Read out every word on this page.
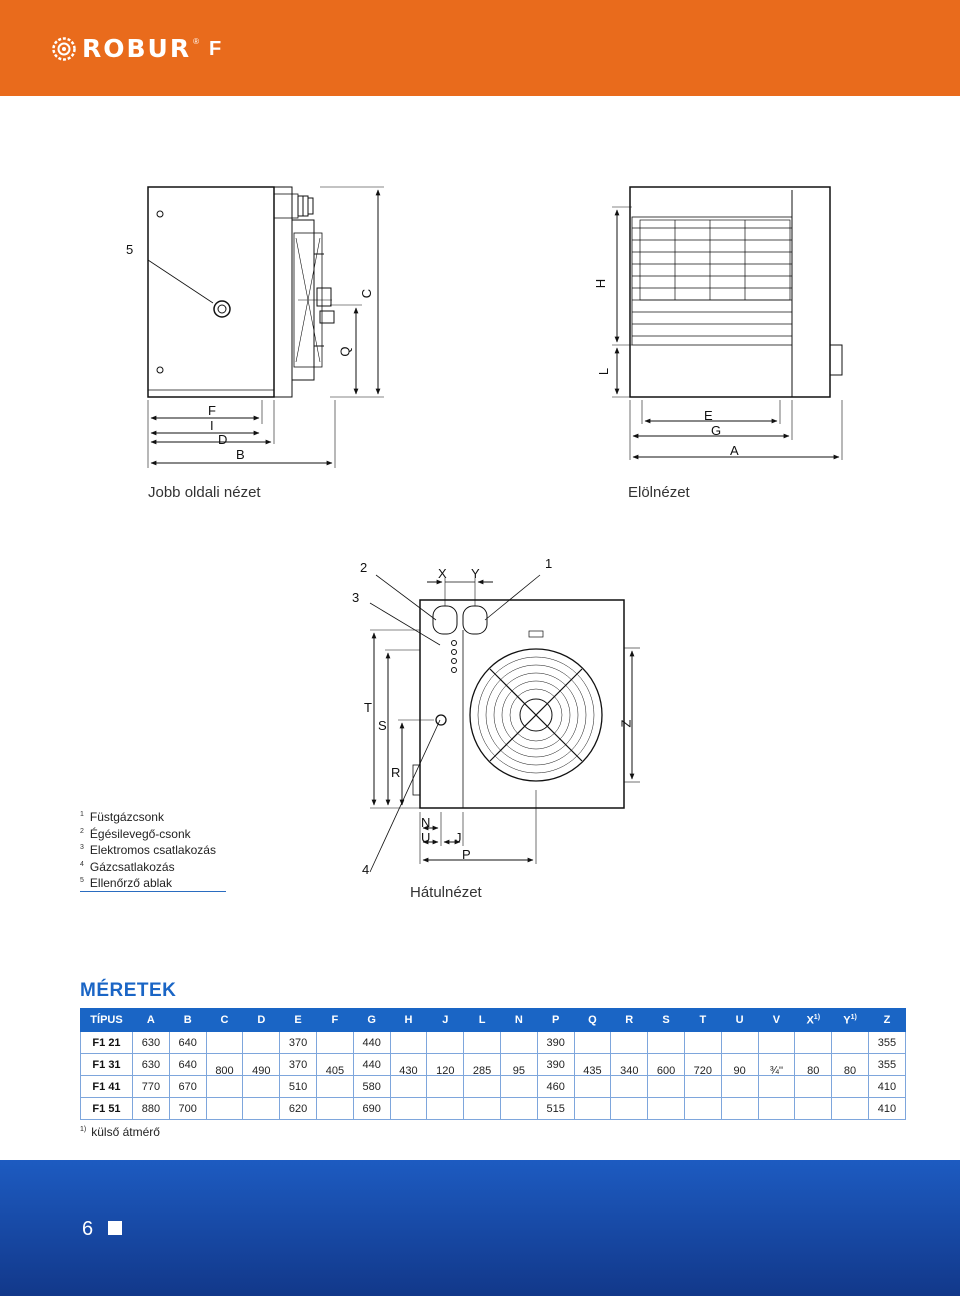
ROBUR ® F
5
C
Q
F
I
D
B
H
L
E
G
A
2	X Y
1
3
T
S	Z
R
N
U J
P
4
Jobb oldali nézet	Elölnézet
Hátulnézet
$^1$ Füstgázcsonk
$^2$ Égésilevegő-csonk
$^3$ Elektromos csatlakozás
$^4$ Gázcsatlakozás
$^5$ Ellenőrző ablak
MÉRETEK
TÍPUS	A	B	C	D	E	F	G	H	J	L	N	P	Q	R	S	T	U	V	$X^{1)}$	$Y^{1)}$	Z
F1 21	630	640			370		440					390									355
F1 31	630	640			370		440					390									355
F1 41	770	670	800	490	510	405	580	430	120	285	95	460	435	340	600	720	90	¾''	80	80	410
F1 51	880	700			620		690					515									410
$^{1)}$ külső átmérő
6
